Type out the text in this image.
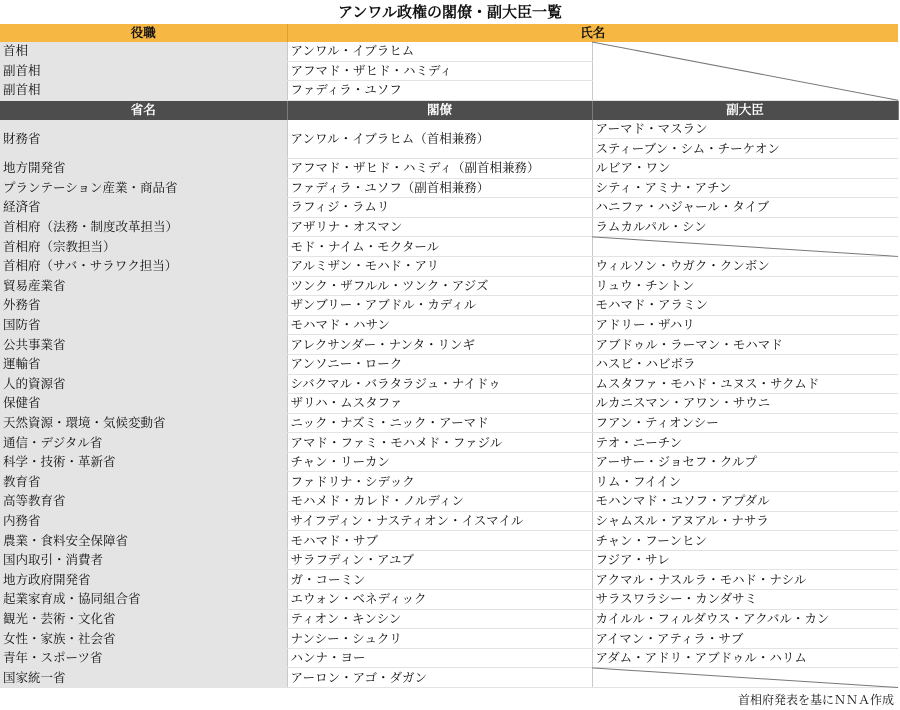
アンワル政権の閣僚・副大臣一覧
役職	氏名	
首相	アンワル・イブラヒム	
副首相	アフマド・ザヒド・ハミディ	
副首相	ファディラ・ユソフ	
省名	閣僚	副大臣
財務省	アンワル・イブラヒム（首相兼務）	アーマド・マスラン
		スティーブン・シム・チーケオン
地方開発省	アフマド・ザヒド・ハミディ（副首相兼務）	ルビア・ワン
プランテーション産業・商品省	ファディラ・ユソフ（副首相兼務）	シティ・アミナ・アチン
経済省	ラフィジ・ラムリ	ハニファ・ハジャール・タイブ
首相府（法務・制度改革担当）	アザリナ・オスマン	ラムカルパル・シン
首相府（宗教担当）	モド・ナイム・モクタール	
首相府（サバ・サラワク担当）	アルミザン・モハド・アリ	ウィルソン・ウガク・クンボン
貿易産業省	ツンク・ザフルル・ツンク・アジズ	リュウ・チントン
外務省	ザンブリー・アブドル・カディル	モハマド・アラミン
国防省	モハマド・ハサン	アドリー・ザハリ
公共事業省	アレクサンダー・ナンタ・リンギ	アブドゥル・ラーマン・モハマド
運輸省	アンソニー・ローク	ハスビ・ハビボラ
人的資源省	シバクマル・バラタラジュ・ナイドゥ	ムスタファ・モハド・ユヌス・サクムド
保健省	ザリハ・ムスタファ	ルカニスマン・アワン・サウニ
天然資源・環境・気候変動省	ニック・ナズミ・ニック・アーマド	フアン・ティオンシー
通信・デジタル省	アマド・ファミ・モハメド・ファジル	テオ・ニーチン
科学・技術・革新省	チャン・リーカン	アーサー・ジョセフ・クルプ
教育省	ファドリナ・シデック	リム・フイイン
高等教育省	モハメド・カレド・ノルディン	モハンマド・ユソフ・アプダル
内務省	サイフディン・ナスティオン・イスマイル	シャムスル・アヌアル・ナサラ
農業・食料安全保障省	モハマド・サブ	チャン・フーンヒン
国内取引・消費者	サラフディン・アユブ	フジア・サレ
地方政府開発省	ガ・コーミン	アクマル・ナスルラ・モハド・ナシル
起業家育成・協同組合省	エウォン・ベネディック	サラスワラシー・カンダサミ
観光・芸術・文化省	ティオン・キンシン	カイルル・フィルダウス・アクバル・カン
女性・家族・社会省	ナンシー・シュクリ	アイマン・アティラ・サブ
青年・スポーツ省	ハンナ・ヨー	アダム・アドリ・アブドゥル・ハリム
国家統一省	アーロン・アゴ・ダガン	
首相府発表を基にＮＮＡ作成
